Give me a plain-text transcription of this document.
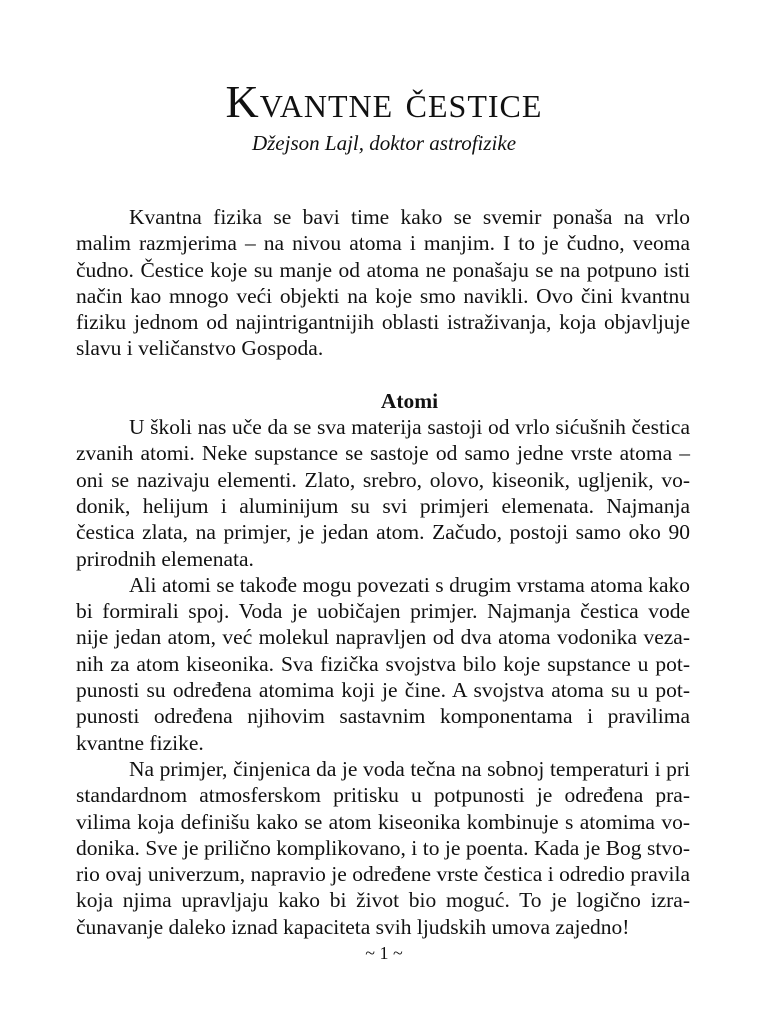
Kvantne čestice
Džejson Lajl, doktor astrofizike

Kvantna fizika se bavi time kako se svemir ponaša na vrlo malim razmjerima – na nivou atoma i manjim. I to je čudno, veoma čudno. Čestice koje su manje od atoma ne ponašaju se na potpuno isti način kao mnogo veći objekti na koje smo navikli. Ovo čini kvantnu fiziku jednom od najintrigantnijih oblasti istraživanja, koja objavljuje slavu i veličanstvo Gospoda.

Atomi

U školi nas uče da se sva materija sastoji od vrlo sićušnih čestica zvanih atomi. Neke supstance se sastoje od samo jedne vrste atoma – oni se nazivaju elementi. Zlato, srebro, olovo, kiseonik, ugljenik, vodonik, helijum i aluminijum su svi primjeri elemenata. Najmanja čestica zlata, na primjer, je jedan atom. Začudo, postoji samo oko 90 prirodnih elemenata.

Ali atomi se takođe mogu povezati s drugim vrstama atoma kako bi formirali spoj. Voda je uobičajen primjer. Najmanja čestica vode nije jedan atom, već molekul napravljen od dva atoma vodonika vezanih za atom kiseonika. Sva fizička svojstva bilo koje supstance u potpunosti su određena atomima koji je čine. A svojstva atoma su u potpunosti određena njihovim sastavnim komponentama i pravilima kvantne fizike.

Na primjer, činjenica da je voda tečna na sobnoj temperaturi i pri standardnom atmosferskom pritisku u potpunosti je određena pravilima koja definišu kako se atom kiseonika kombinuje s atomima vodonika. Sve je prilično komplikovano, i to je poenta. Kada je Bog stvorio ovaj univerzum, napravio je određene vrste čestica i odredio pravila koja njima upravljaju kako bi život bio moguć. To je logično izračunavanje daleko iznad kapaciteta svih ljudskih umova zajedno!

~ 1 ~
